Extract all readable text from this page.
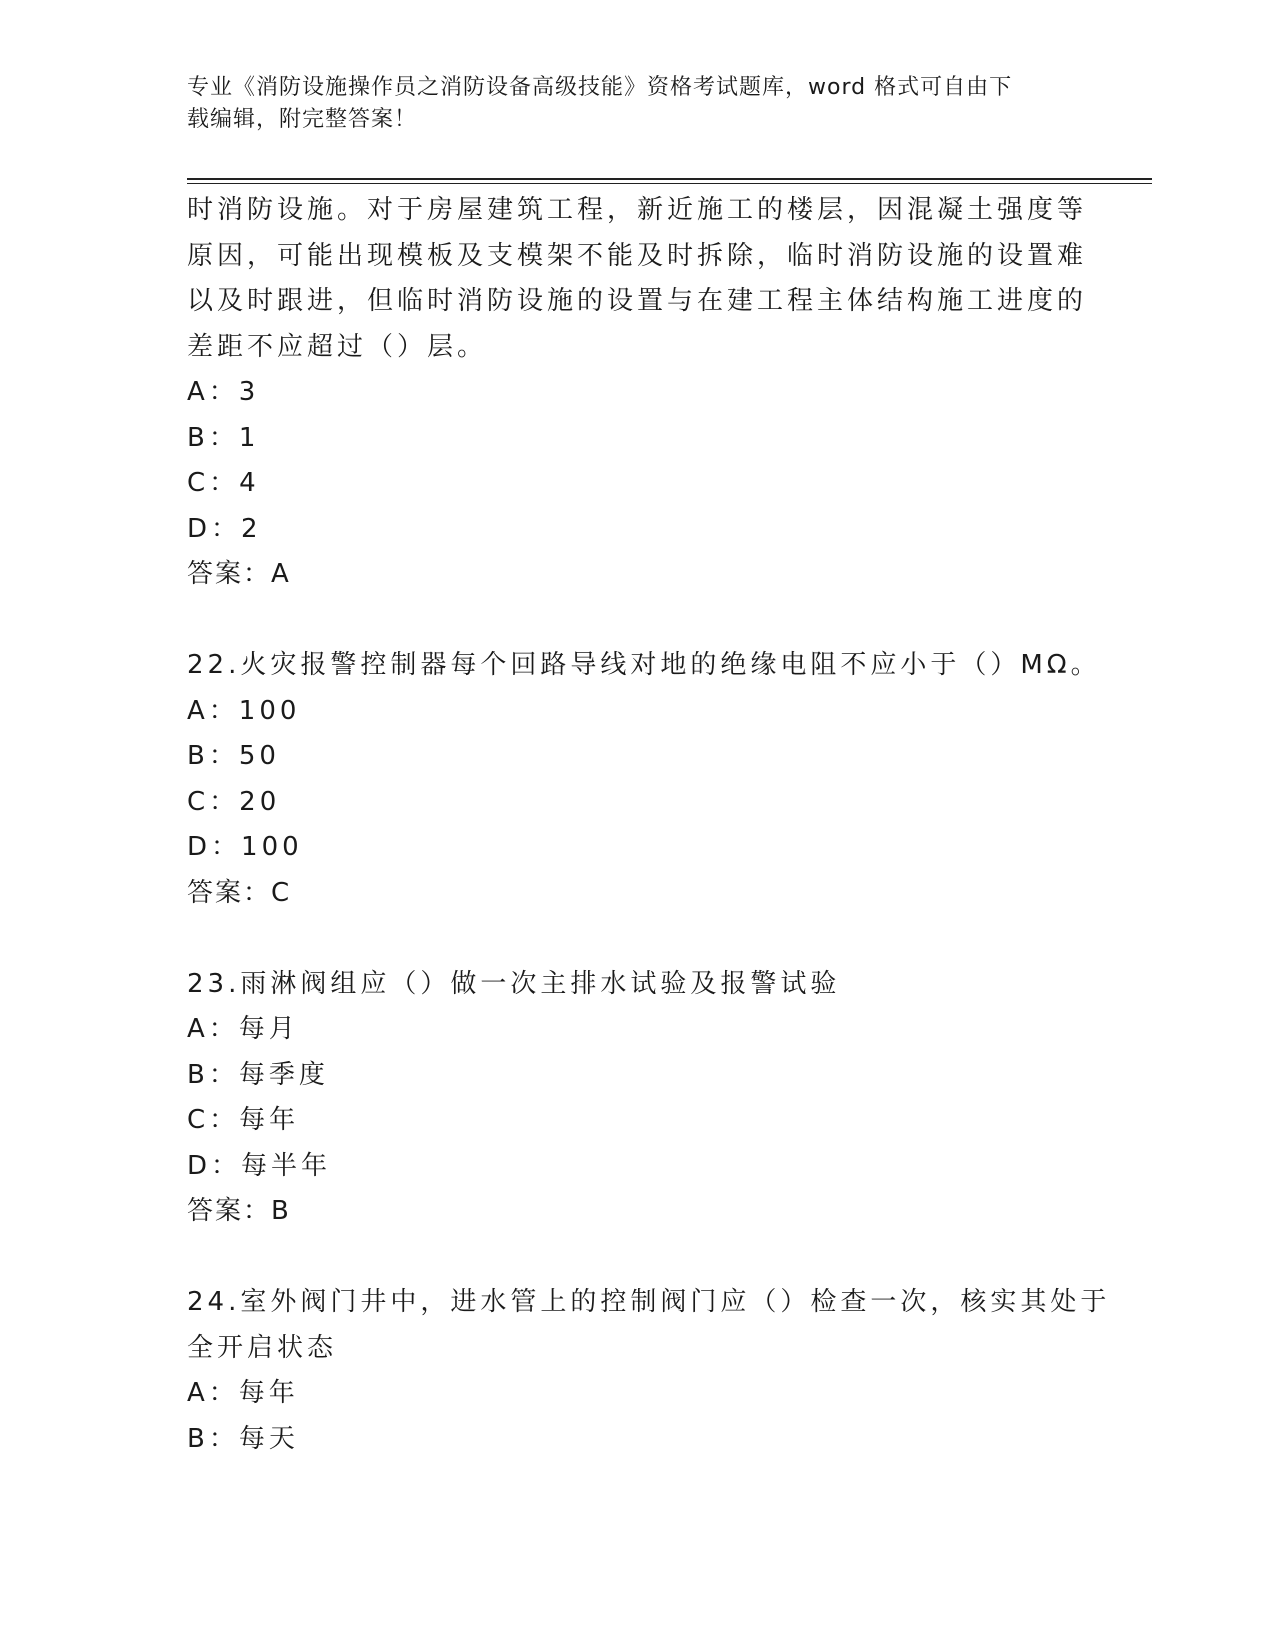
专业《消防设施操作员之消防设备高级技能》资格考试题库，word 格式可自由下
载编辑，附完整答案！
时消防设施。对于房屋建筑工程，新近施工的楼层，因混凝土强度等
原因，可能出现模板及支模架不能及时拆除，临时消防设施的设置难
以及时跟进，但临时消防设施的设置与在建工程主体结构施工进度的
差距不应超过（）层。
A：3
B：1
C：4
D：2
答案：A
22.火灾报警控制器每个回路导线对地的绝缘电阻不应小于（）MΩ。
A：100
B：50
C：20
D：100
答案：C
23.雨淋阀组应（）做一次主排水试验及报警试验
A：每月
B：每季度
C：每年
D：每半年
答案：B
24.室外阀门井中，进水管上的控制阀门应（）检查一次，核实其处于
全开启状态
A：每年
B：每天
